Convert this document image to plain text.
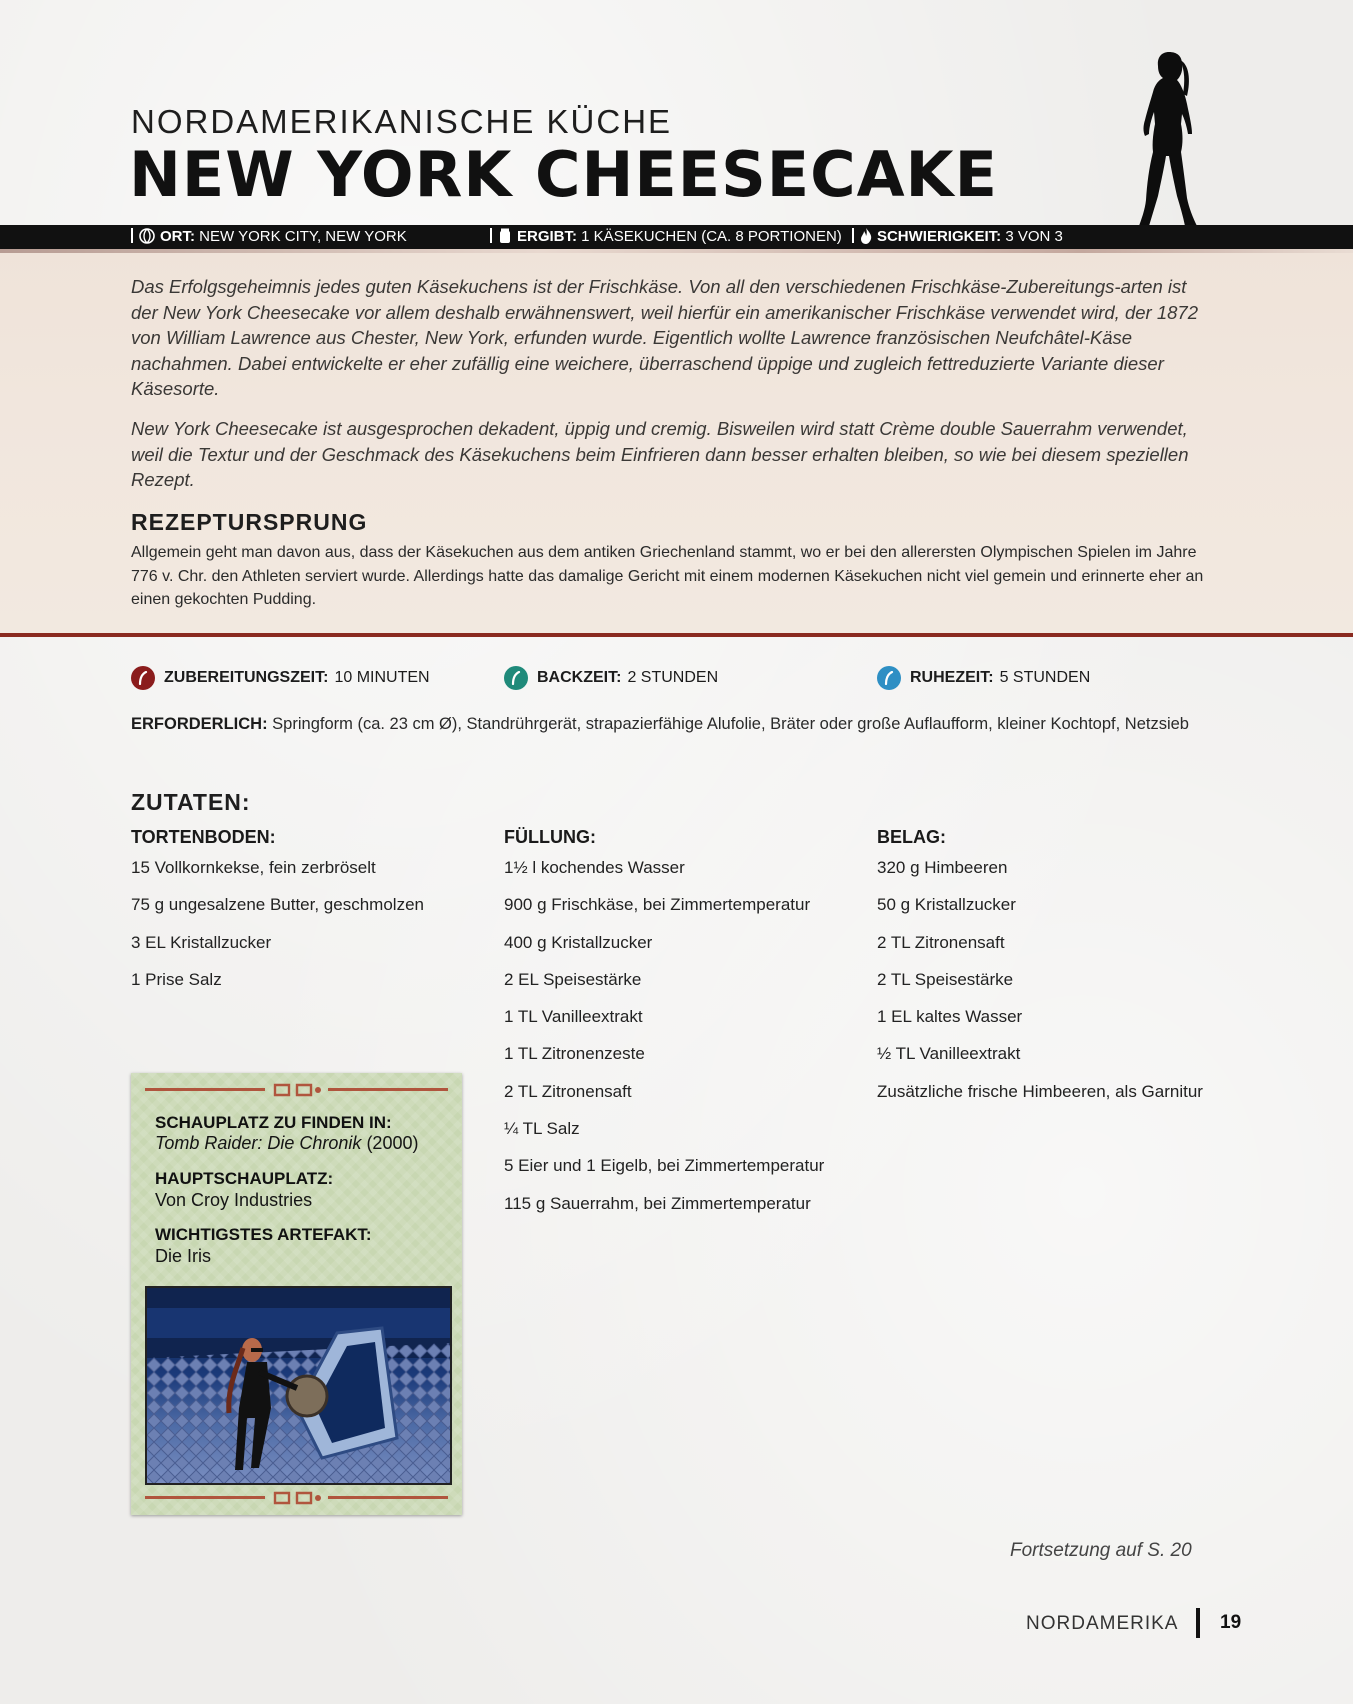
NORDAMERIKANISCHE KÜCHE
NEW YORK CHEESECAKE
ORT: NEW YORK CITY, NEW YORK	ERGIBT: 1 KÄSEKUCHEN (CA. 8 PORTIONEN) SCHWIERIGKEIT: 3 VON 3
Das Erfolgsgeheimnis jedes guten Käsekuchens ist der Frischkäse. Von all den verschiedenen Frischkäse-Zubereitungs-arten ist der New York Cheesecake vor allem deshalb erwähnenswert, weil hierfür ein amerikanischer Frischkäse verwendet wird, der 1872 von William Lawrence aus Chester, New York, erfunden wurde. Eigentlich wollte Lawrence französischen Neufchâtel-Käse nachahmen. Dabei entwickelte er eher zufällig eine weichere, überraschend üppige und zugleich fettreduzierte Variante dieser Käsesorte.
New York Cheesecake ist ausgesprochen dekadent, üppig und cremig. Bisweilen wird statt Crème double Sauerrahm verwendet, weil die Textur und der Geschmack des Käsekuchens beim Einfrieren dann besser erhalten bleiben, so wie bei diesem speziellen Rezept.
REZEPTURSPRUNG
Allgemein geht man davon aus, dass der Käsekuchen aus dem antiken Griechenland stammt, wo er bei den allerersten Olympischen Spielen im Jahre 776 v. Chr. den Athleten serviert wurde. Allerdings hatte das damalige Gericht mit einem modernen Käsekuchen nicht viel gemein und erinnerte eher an einen gekochten Pudding.
ZUBEREITUNGSZEIT: 10 MINUTEN	BACKZEIT: 2 STUNDEN	RUHEZEIT: 5 STUNDEN
ERFORDERLICH: Springform (ca. 23 cm Ø), Standrührgerät, strapazierfähige Alufolie, Bräter oder große Auflaufform, kleiner Kochtopf, Netzsieb
ZUTATEN:
TORTENBODEN:
15 Vollkornkekse, fein zerbröselt
75 g ungesalzene Butter, geschmolzen
3 EL Kristallzucker
1 Prise Salz
FÜLLUNG:
1½ l kochendes Wasser
900 g Frischkäse, bei Zimmertemperatur
400 g Kristallzucker
2 EL Speisestärke
1 TL Vanilleextrakt
1 TL Zitronenzeste
2 TL Zitronensaft
¼ TL Salz
5 Eier und 1 Eigelb, bei Zimmertemperatur
115 g Sauerrahm, bei Zimmertemperatur
BELAG:
320 g Himbeeren
50 g Kristallzucker
2 TL Zitronensaft
2 TL Speisestärke
1 EL kaltes Wasser
½ TL Vanilleextrakt
Zusätzliche frische Himbeeren, als Garnitur
SCHAUPLATZ ZU FINDEN IN:
Tomb Raider: Die Chronik (2000)
HAUPTSCHAUPLATZ:
Von Croy Industries
WICHTIGSTES ARTEFAKT:
Die Iris
Fortsetzung auf S. 20
NORDAMERIKA 19
